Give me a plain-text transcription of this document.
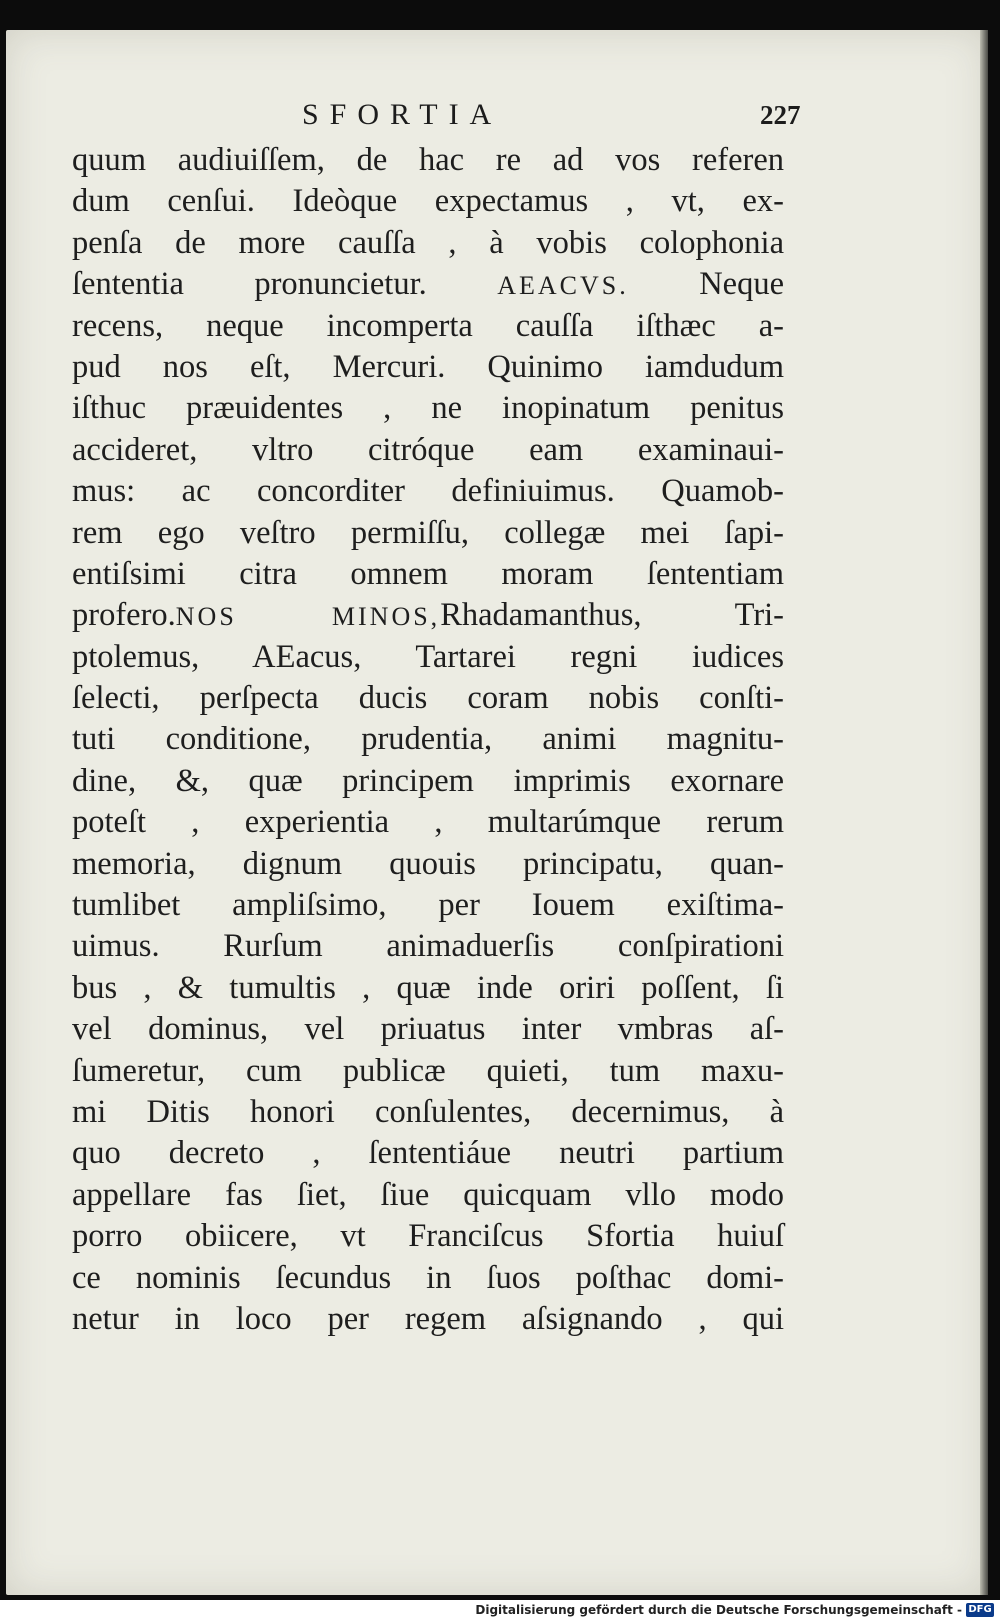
SFORTIA	227
quum audiuiſſem, de hac re ad vos referen
dum cenſui. Ideòque expectamus , vt, ex-
penſa de more cauſſa , à vobis colophonia
ſententia pronuncietur.	AEACVS. Neque
recens, neque incomperta cauſſa iſthæc a-
pud nos eſt, Mercuri. Quinimo iamdudum
iſthuc præuidentes , ne inopinatum penitus
accideret, vltro citróque eam examinaui-
mus: ac concorditer definiuimus. Quamob-
rem ego veſtro permiſſu, collegæ mei ſapi-
entiſsimi citra omnem moram ſententiam
profero.NOS MINOS,Rhadamanthus, Tri-
ptolemus, AEacus, Tartarei regni iudices
ſelecti, perſpecta ducis coram nobis conſti-
tuti conditione, prudentia, animi magnitu-
dine, &, quæ principem imprimis exornare
poteſt , experientia , multarúmque rerum
memoria, dignum quouis principatu, quan-
tumlibet ampliſsimo, per Iouem exiſtima-
uimus. Rurſum animaduerſis conſpirationi
bus , & tumultis , quæ inde oriri poſſent, ſi
vel dominus, vel priuatus inter vmbras aſ-
ſumeretur, cum publicæ quieti, tum maxu-
mi Ditis honori conſulentes, decernimus, à
quo decreto , ſententiáue neutri partium
appellare fas ſiet, ſiue quicquam vllo modo
porro obiicere, vt Franciſcus Sfortia huiuſ
ce nominis ſecundus in ſuos poſthac domi-
netur in loco per regem aſsignando , qui
Digitalisierung gefördert durch die Deutsche Forschungsgemeinschaft - DFG
